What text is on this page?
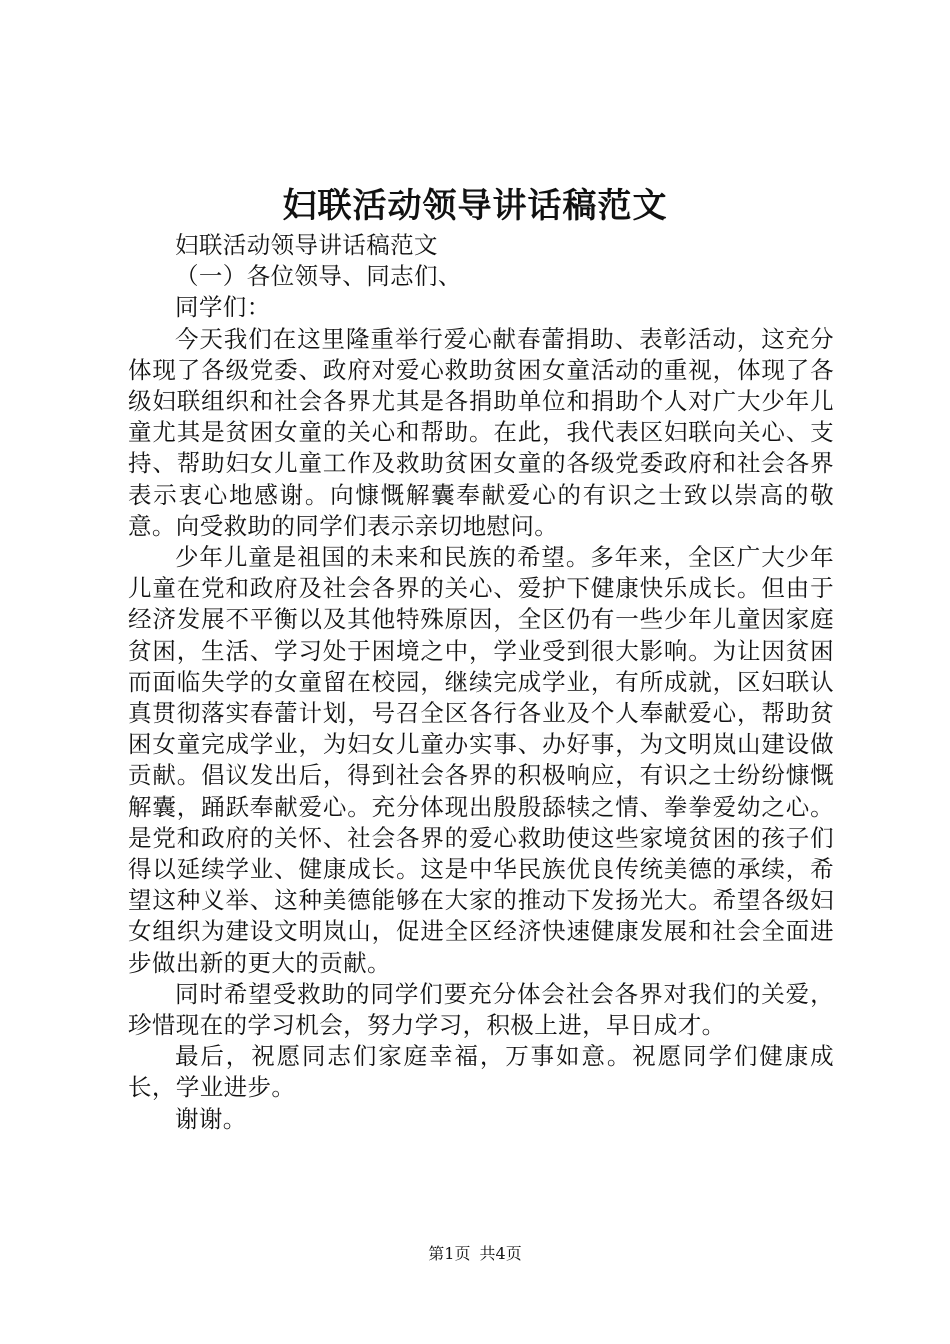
妇联活动领导讲话稿范文

妇联活动领导讲话稿范文

（一）各位领导、同志们、

同学们：

今天我们在这里隆重举行爱心献春蕾捐助、表彰活动，这充分体现了各级党委、政府对爱心救助贫困女童活动的重视，体现了各级妇联组织和社会各界尤其是各捐助单位和捐助个人对广大少年儿童尤其是贫困女童的关心和帮助。在此，我代表区妇联向关心、支持、帮助妇女儿童工作及救助贫困女童的各级党委政府和社会各界表示衷心地感谢。向慷慨解囊奉献爱心的有识之士致以崇高的敬意。向受救助的同学们表示亲切地慰问。

少年儿童是祖国的未来和民族的希望。多年来，全区广大少年儿童在党和政府及社会各界的关心、爱护下健康快乐成长。但由于经济发展不平衡以及其他特殊原因，全区仍有一些少年儿童因家庭贫困，生活、学习处于困境之中，学业受到很大影响。为让因贫困而面临失学的女童留在校园，继续完成学业，有所成就，区妇联认真贯彻落实春蕾计划，号召全区各行各业及个人奉献爱心，帮助贫困女童完成学业，为妇女儿童办实事、办好事，为文明岚山建设做贡献。倡议发出后，得到社会各界的积极响应，有识之士纷纷慷慨解囊，踊跃奉献爱心。充分体现出殷殷舔犊之情、拳拳爱幼之心。是党和政府的关怀、社会各界的爱心救助使这些家境贫困的孩子们得以延续学业、健康成长。这是中华民族优良传统美德的承续，希望这种义举、这种美德能够在大家的推动下发扬光大。希望各级妇女组织为建设文明岚山，促进全区经济快速健康发展和社会全面进步做出新的更大的贡献。

同时希望受救助的同学们要充分体会社会各界对我们的关爱，珍惜现在的学习机会，努力学习，积极上进，早日成才。

最后，祝愿同志们家庭幸福，万事如意。祝愿同学们健康成长，学业进步。

谢谢。

第1页 共4页
